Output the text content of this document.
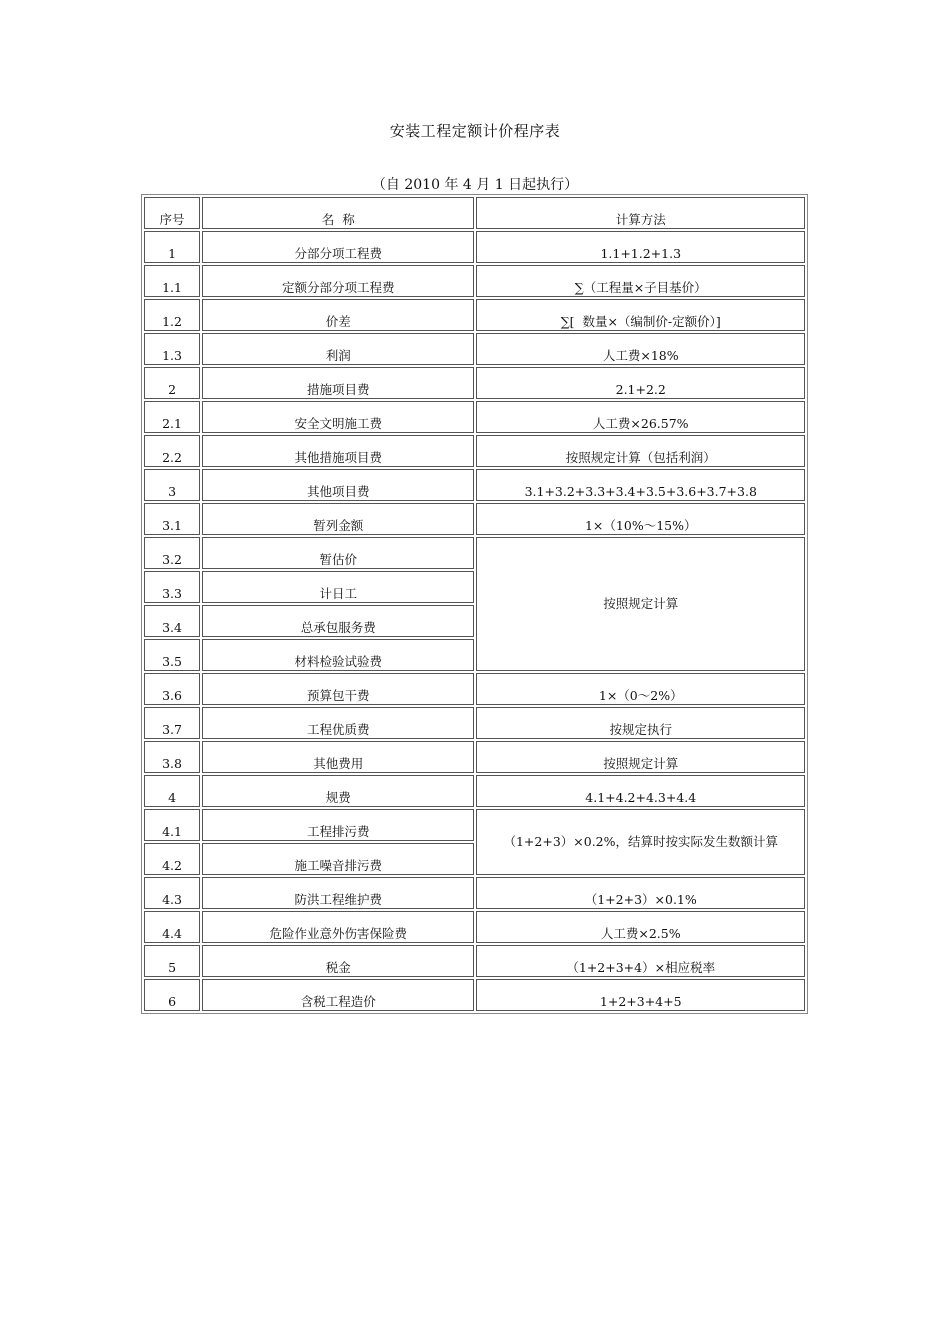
安装工程定额计价程序表
（自 2010 年 4 月 1 日起执行）
序号	名  称	计算方法
1	分部分项工程费	1.1+1.2+1.3
1.1	定额分部分项工程费	∑（工程量×子目基价）
1.2	价差	∑[  数量×（编制价-定额价）]
1.3	利润	人工费×18%
2	措施项目费	2.1+2.2
2.1	安全文明施工费	人工费×26.57%
2.2	其他措施项目费	按照规定计算（包括利润）
3	其他项目费	3.1+3.2+3.3+3.4+3.5+3.6+3.7+3.8
3.1	暂列金额	1×（10%～15%）
3.2	暂估价	按照规定计算
3.3	计日工	
3.4	总承包服务费	
3.5	材料检验试验费	
3.6	预算包干费	1×（0～2%）
3.7	工程优质费	按规定执行
3.8	其他费用	按照规定计算
4	规费	4.1+4.2+4.3+4.4
4.1	工程排污费	（1+2+3）×0.2%，结算时按实际发生数额计算
4.2	施工噪音排污费	
4.3	防洪工程维护费	（1+2+3）×0.1%
4.4	危险作业意外伤害保险费	人工费×2.5%
5	税金	（1+2+3+4）×相应税率
6	含税工程造价	1+2+3+4+5
